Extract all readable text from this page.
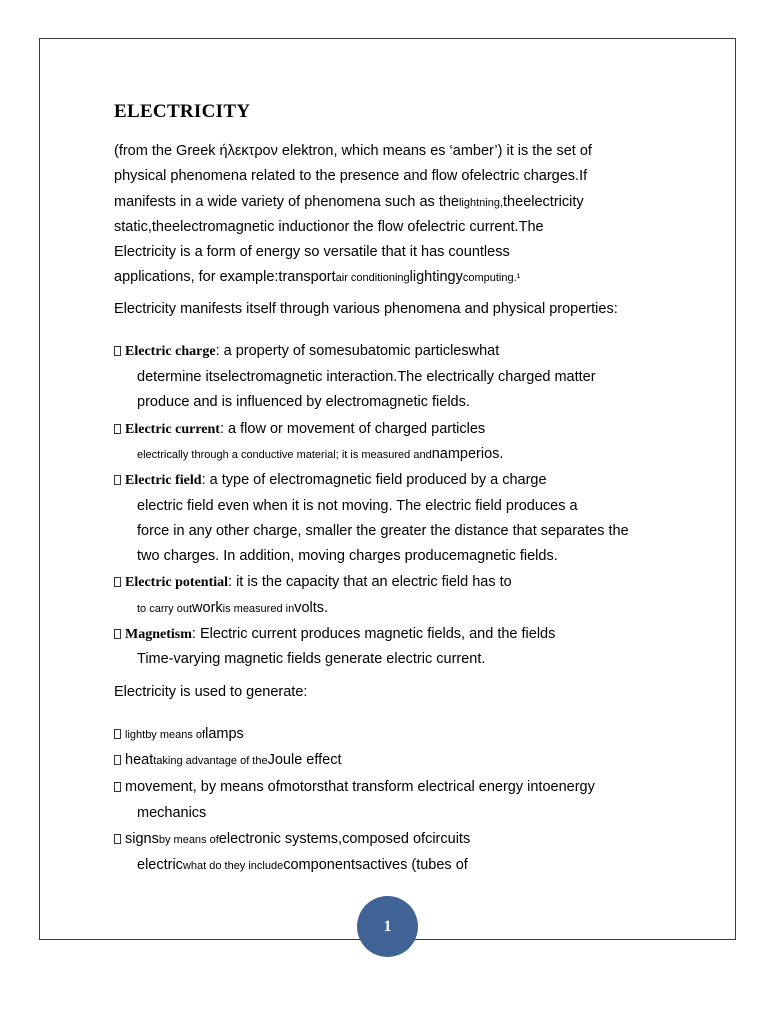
ELECTRICITY
(from the Greek ήλεκτρον elektron, which means es ‘amber’) it is the set of
physical phenomena related to the presence and flow ofelectric charges.If
manifests in a wide variety of phenomena such as thelightning,theelectricity
static,theelectromagnetic inductionor the flow ofelectric current.The
Electricity is a form of energy so versatile that it has countless
applications, for example:transportair conditioninglightingycomputing.¹
Electricity manifests itself through various phenomena and physical properties:
Electric charge: a property of somesubatomic particleswhat
determine itselectromagnetic interaction.The electrically charged matter
produce and is influenced by electromagnetic fields.
Electric current: a flow or movement of charged particles
electrically through a conductive material; it is measured andnamperios.
Electric field: a type of electromagnetic field produced by a charge
electric field even when it is not moving. The electric field produces a
force in any other charge, smaller the greater the distance that separates the
two charges. In addition, moving charges producemagnetic fields.
Electric potential: it is the capacity that an electric field has to
to carry outworkis measured involts.
Magnetism: Electric current produces magnetic fields, and the fields
Time-varying magnetic fields generate electric current.
Electricity is used to generate:
lightby means oflamps
heattaking advantage of theJoule effect
movement, by means ofmotorsthat transform electrical energy intoenergy
mechanics
signsby means ofelectronic systems,composed ofcircuits
electricwhat do they includecomponentsactives (tubes of
1
